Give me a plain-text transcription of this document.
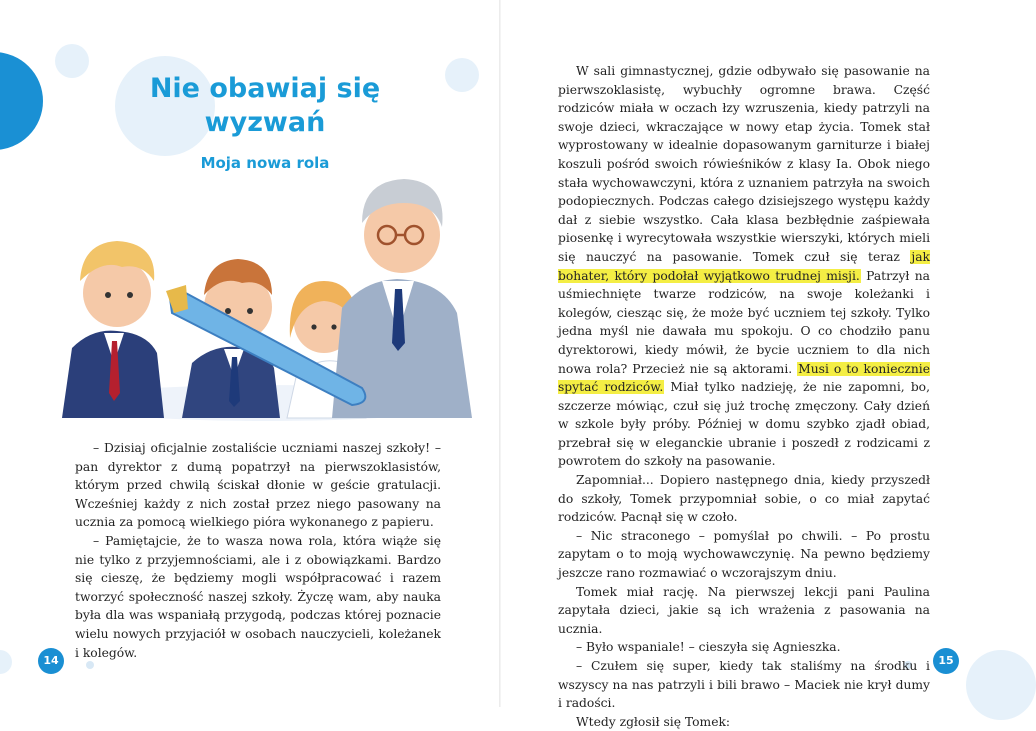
Nie obawiaj się wyzwań
Moja nowa rola

– Dzisiaj oficjalnie zostaliście uczniami naszej szkoły! – pan dyrektor z dumą popatrzył na pierwszoklasistów, którym przed chwilą ściskał dłonie w geście gratulacji. Wcześniej każdy z nich został przez niego pasowany na ucznia za pomocą wielkiego pióra wykonanego z papieru.

– Pamiętajcie, że to wasza nowa rola, która wiąże się nie tylko z przyjemnościami, ale i z obowiązkami. Bardzo się cieszę, że będziemy mogli współpracować i razem tworzyć społeczność naszej szkoły. Życzę wam, aby nauka była dla was wspaniałą przygodą, podczas której poznacie wielu nowych przyjaciół w osobach nauczycieli, koleżanek i kolegów.

14

W sali gimnastycznej, gdzie odbywało się pasowanie na pierwszoklasistę, wybuchły ogromne brawa. Część rodziców miała w oczach łzy wzruszenia, kiedy patrzyli na swoje dzieci, wkraczające w nowy etap życia. Tomek stał wyprostowany w idealnie dopasowanym garniturze i białej koszuli pośród swoich rówieśników z klasy Ia. Obok niego stała wychowawczyni, która z uznaniem patrzyła na swoich podopiecznych. Podczas całego dzisiejszego występu każdy dał z siebie wszystko. Cała klasa bezbłędnie zaśpiewała piosenkę i wyrecytowała wszystkie wierszyki, których mieli się nauczyć na pasowanie. Tomek czuł się teraz jak bohater, który podołał wyjątkowo trudnej misji. Patrzył na uśmiechnięte twarze rodziców, na swoje koleżanki i kolegów, ciesząc się, że może być uczniem tej szkoły. Tylko jedna myśl nie dawała mu spokoju. O co chodziło panu dyrektorowi, kiedy mówił, że bycie uczniem to dla nich nowa rola? Przecież nie są aktorami. Musi o to koniecznie spytać rodziców. Miał tylko nadzieję, że nie zapomni, bo, szczerze mówiąc, czuł się już trochę zmęczony. Cały dzień w szkole były próby. Później w domu szybko zjadł obiad, przebrał się w eleganckie ubranie i poszedł z rodzicami z powrotem do szkoły na pasowanie.

Zapomniał... Dopiero następnego dnia, kiedy przyszedł do szkoły, Tomek przypomniał sobie, o co miał zapytać rodziców. Pacnął się w czoło.

– Nic straconego – pomyślał po chwili. – Po prostu zapytam o to moją wychowawczynię. Na pewno będziemy jeszcze rano rozmawiać o wczorajszym dniu.

Tomek miał rację. Na pierwszej lekcji pani Paulina zapytała dzieci, jakie są ich wrażenia z pasowania na ucznia.

– Było wspaniale! – cieszyła się Agnieszka.

– Czułem się super, kiedy tak staliśmy na środku i wszyscy na nas patrzyli i bili brawo – Maciek nie krył dumy i radości.

Wtedy zgłosił się Tomek:

15
